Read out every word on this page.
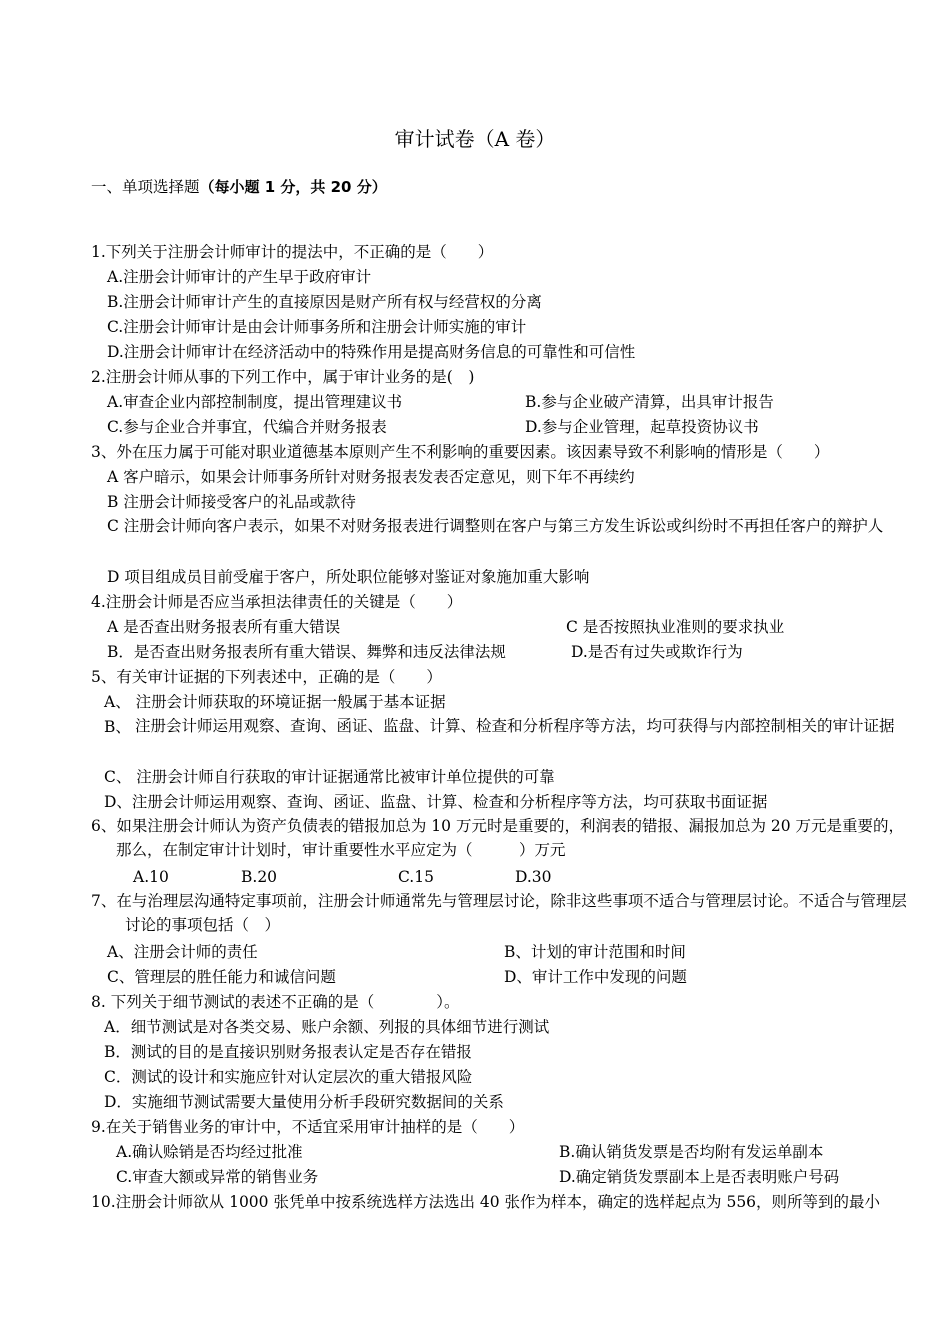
审计试卷（A 卷）
一、单项选择题（每小题 1 分，共 20 分）
1.下列关于注册会计师审计的提法中，不正确的是（　　）
A.注册会计师审计的产生早于政府审计
B.注册会计师审计产生的直接原因是财产所有权与经营权的分离
C.注册会计师审计是由会计师事务所和注册会计师实施的审计
D.注册会计师审计在经济活动中的特殊作用是提高财务信息的可靠性和可信性
2.注册会计师从事的下列工作中，属于审计业务的是(　)
A.审查企业内部控制制度，提出管理建议书	B.参与企业破产清算，出具审计报告
C.参与企业合并事宜，代编合并财务报表	D.参与企业管理，起草投资协议书
3、外在压力属于可能对职业道德基本原则产生不利影响的重要因素。该因素导致不利影响的情形是（　　）
A 客户暗示，如果会计师事务所针对财务报表发表否定意见，则下年不再续约
B 注册会计师接受客户的礼品或款待
C 注册会计师向客户表示，如果不对财务报表进行调整则在客户与第三方发生诉讼或纠纷时不再担任客户的辩护人
D 项目组成员目前受雇于客户，所处职位能够对鉴证对象施加重大影响
4.注册会计师是否应当承担法律责任的关键是（　　）
A 是否查出财务报表所有重大错误	C 是否按照执业准则的要求执业
B．是否查出财务报表所有重大错误、舞弊和违反法律法规	D.是否有过失或欺诈行为
5、有关审计证据的下列表述中，正确的是（　　）
A、 注册会计师获取的环境证据一般属于基本证据
B、 注册会计师运用观察、查询、函证、监盘、计算、检查和分析程序等方法，均可获得与内部控制相关的审计证据
C、 注册会计师自行获取的审计证据通常比被审计单位提供的可靠
D、注册会计师运用观察、查询、函证、监盘、计算、检查和分析程序等方法，均可获取书面证据
6、如果注册会计师认为资产负债表的错报加总为 10 万元时是重要的，利润表的错报、漏报加总为 20 万元是重要的，那么，在制定审计计划时，审计重要性水平应定为（　　　）万元
A.10	B.20	C.15	D.30
7、在与治理层沟通特定事项前，注册会计师通常先与管理层讨论，除非这些事项不适合与管理层讨论。不适合与管理层讨论的事项包括（　）
A、注册会计师的责任	B、计划的审计范围和时间
C、管理层的胜任能力和诚信问题	D、审计工作中发现的问题
8. 下列关于细节测试的表述不正确的是（　　　　）。
A．细节测试是对各类交易、账户余额、列报的具体细节进行测试
B．测试的目的是直接识别财务报表认定是否存在错报
C．测试的设计和实施应针对认定层次的重大错报风险
D．实施细节测试需要大量使用分析手段研究数据间的关系
9.在关于销售业务的审计中，不适宜采用审计抽样的是（　　）
A.确认赊销是否均经过批准	B.确认销货发票是否均附有发运单副本
C.审查大额或异常的销售业务	D.确定销货发票副本上是否表明账户号码
10.注册会计师欲从 1000 张凭单中按系统选样方法选出 40 张作为样本，确定的选样起点为 556，则所等到的最小
